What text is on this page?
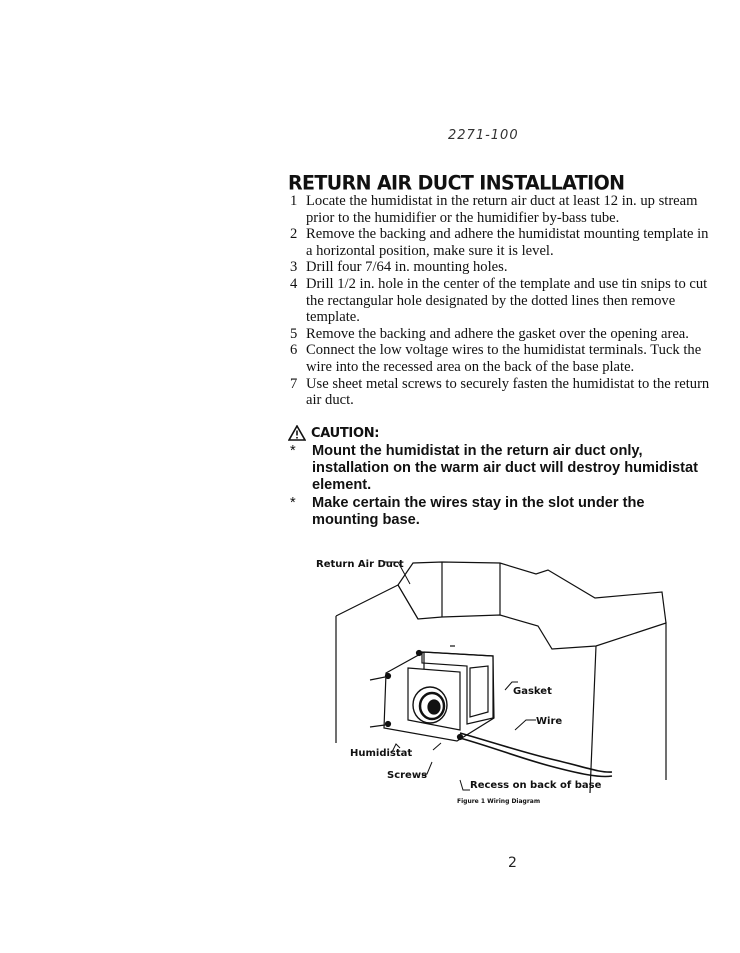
2271-100
RETURN AIR DUCT INSTALLATION
1 Locate the humidistat in the return air duct at least 12 in. up stream prior to the humidifier or the humidifier by-bass tube.
2 Remove the backing and adhere the humidistat mounting template in a horizontal position, make sure it is level.
3 Drill four 7/64 in. mounting holes.
4 Drill 1/2 in. hole in the center of the template and use tin snips to cut the rectangular hole designated by the dotted lines then remove template.
5 Remove the backing and adhere the gasket over the opening area.
6 Connect the low voltage wires to the humidistat terminals. Tuck the wire into the recessed area on the back of the base plate.
7 Use sheet metal screws to securely fasten the humidistat to the return air duct.
CAUTION:
* Mount the humidistat in the return air duct only, installation on the warm air duct will destroy humidistat element.
* Make certain the wires stay in the slot under the mounting base.
Return Air Duct
Gasket
Wire
Humidistat
Screws
Recess on back of base
Figure 1 Wiring Diagram
2
